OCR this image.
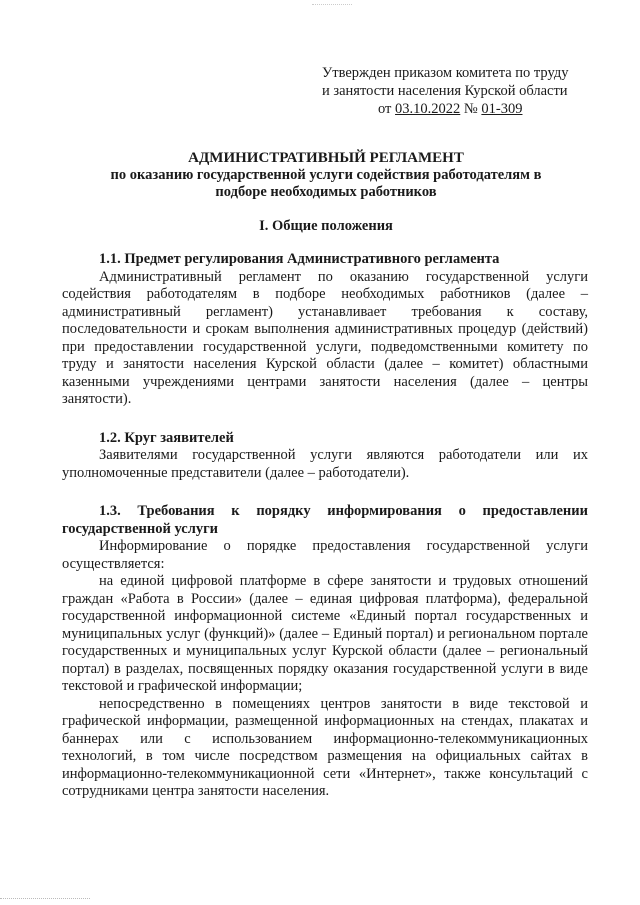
Утвержден приказом комитета по труду
и занятости населения Курской области
от 03.10.2022 № 01-309
АДМИНИСТРАТИВНЫЙ РЕГЛАМЕНТ
по оказанию государственной услуги содействия работодателям в
подборе необходимых работников
I. Общие положения
1.1. Предмет регулирования Административного регламента

Административный регламент по оказанию государственной услуги содействия работодателям в подборе необходимых работников (далее – административный регламент) устанавливает требования к составу, последовательности и срокам выполнения административных процедур (действий) при предоставлении государственной услуги, подведомственными комитету по труду и занятости населения Курской области (далее – комитет) областными казенными учреждениями центрами занятости населения (далее – центры занятости).

1.2. Круг заявителей

Заявителями государственной услуги являются работодатели или их уполномоченные представители (далее – работодатели).

1.3. Требования к порядку информирования о предоставлении государственной услуги

Информирование о порядке предоставления государственной услуги осуществляется:

на единой цифровой платформе в сфере занятости и трудовых отношений граждан «Работа в России» (далее – единая цифровая платформа), федеральной государственной информационной системе «Единый портал государственных и муниципальных услуг (функций)» (далее – Единый портал) и региональном портале государственных и муниципальных услуг Курской области (далее – региональный портал) в разделах, посвященных порядку оказания государственной услуги в виде текстовой и графической информации;

непосредственно в помещениях центров занятости в виде текстовой и графической информации, размещенной информационных на стендах, плакатах и баннерах или с использованием информационно-телекоммуникационных технологий, в том числе посредством размещения на официальных сайтах в информационно-телекоммуникационной сети «Интернет», также консультаций с сотрудниками центра занятости населения.
